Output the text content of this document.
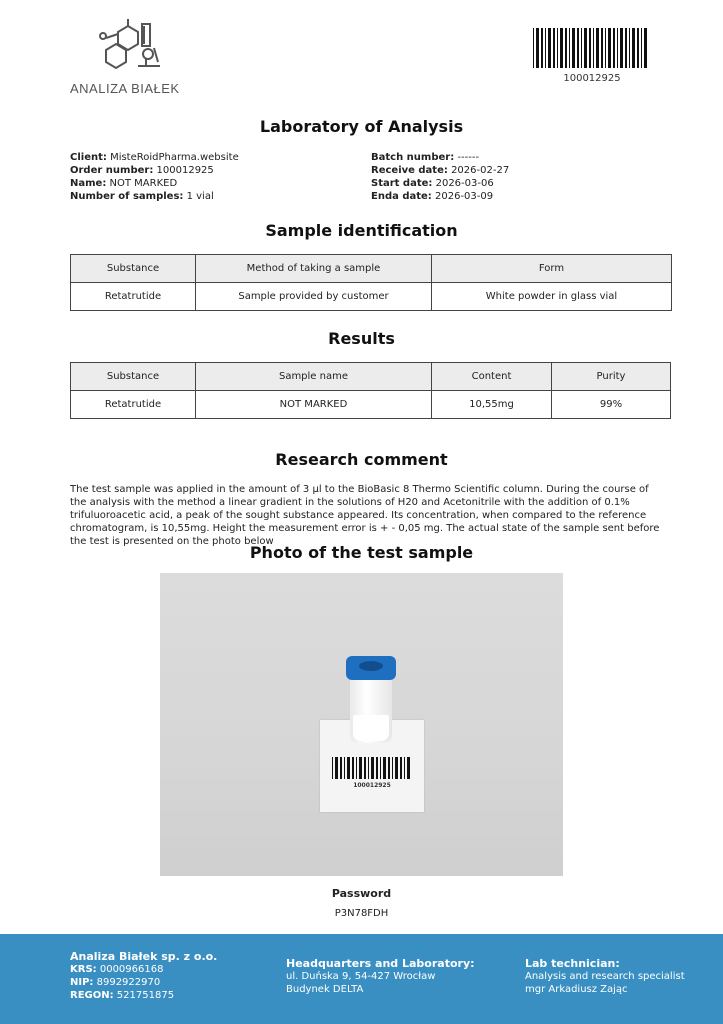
ANALIZA BIAŁEK
100012925
Laboratory of Analysis
Client: MisteRoidPharma.website
Order number: 100012925
Name: NOT MARKED
Number of samples: 1 vial
Batch number: ------
Receive date: 2026-02-27
Start date: 2026-03-06
Enda date: 2026-03-09
Sample identification
Substance	Method of taking a sample	Form
Retatrutide	Sample provided by customer	White powder in glass vial
Results
Substance	Sample name	Content	Purity
Retatrutide	NOT MARKED	10,55mg	99%
Research comment
The test sample was applied in the amount of 3 µl to the BioBasic 8 Thermo Scientific column. During the course of the analysis with the method a linear gradient in the solutions of H20 and Acetonitrile with the addition of 0.1% trifuluoroacetic acid, a peak of the sought substance appeared. Its concentration, when compared to the reference chromatogram, is 10,55mg. Height the measurement error is + - 0,05 mg. The actual state of the sample sent before the test is presented on the photo below
Photo of the test sample
100012925
Password
P3N78FDH
Analiza Białek sp. z o.o.
KRS: 0000966168
NIP: 8992922970
REGON: 521751875
Headquarters and Laboratory:
ul. Duńska 9, 54-427 Wrocław
Budynek DELTA
Lab technician:
Analysis and research specialist
mgr Arkadiusz Zając
